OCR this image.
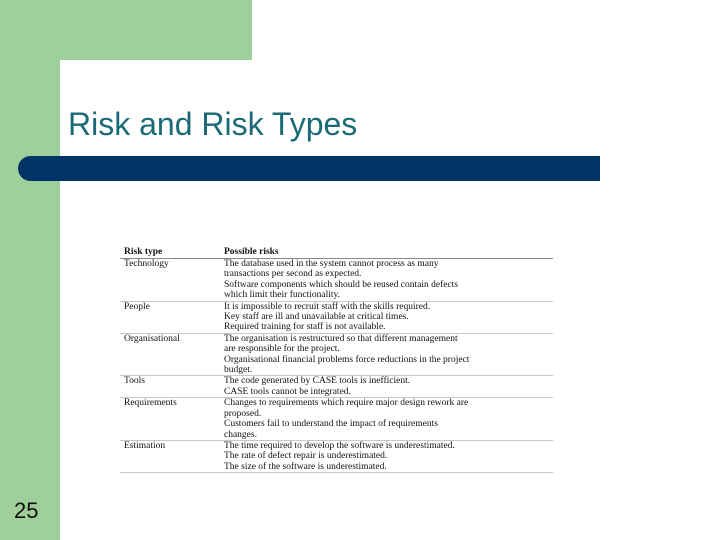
Risk and Risk Types
Risk type	Possible risks
Technology	The database used in the system cannot process as many
transactions per second as expected.
Software components which should be reused contain defects
which limit their functionality.
People	It is impossible to recruit staff with the skills required.
Key staff are ill and unavailable at critical times.
Required training for staff is not available.
Organisational	The organisation is restructured so that different management
are responsible for the project.
Organisational financial problems force reductions in the project
budget.
Tools	The code generated by CASE tools is inefficient.
CASE tools cannot be integrated.
Requirements	Changes to requirements which require major design rework are
proposed.
Customers fail to understand the impact of requirements
changes.
Estimation	The time required to develop the software is underestimated.
The rate of defect repair is underestimated.
The size of the software is underestimated.
25
